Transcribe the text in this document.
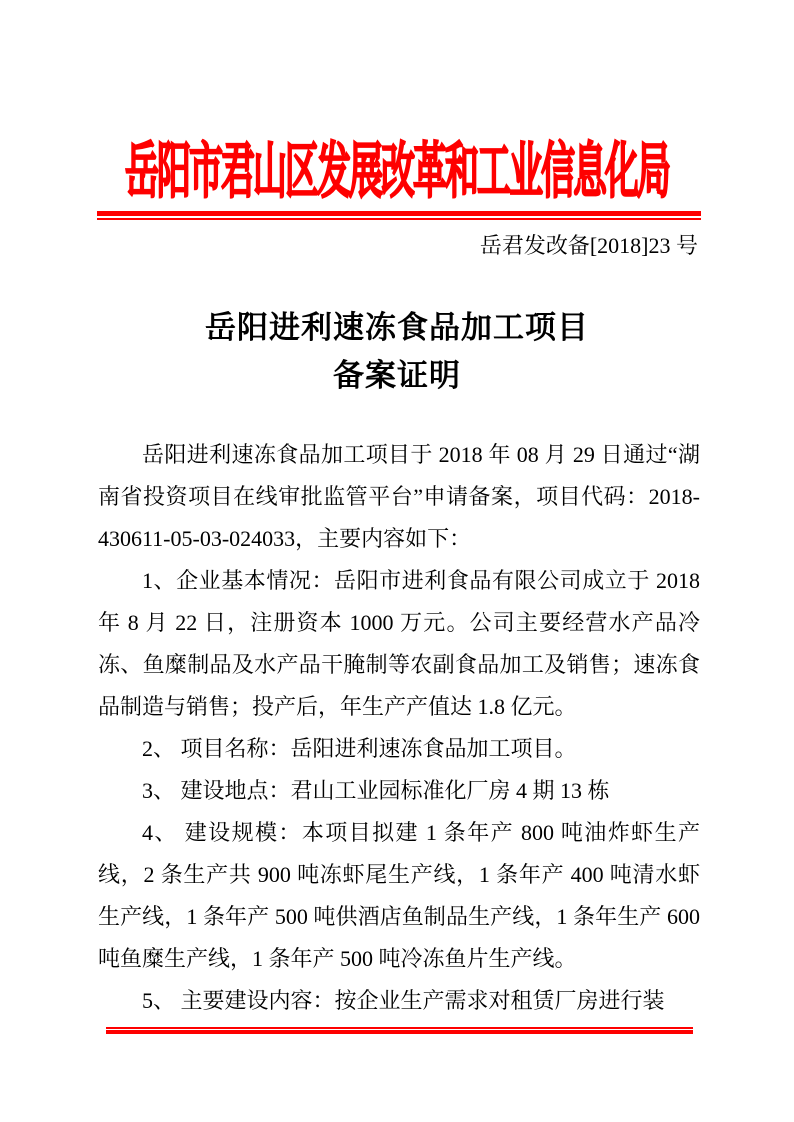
岳阳市君山区发展改革和工业信息化局
岳君发改备[2018]23 号
岳阳进利速冻食品加工项目
备案证明

岳阳进利速冻食品加工项目于 2018 年 08 月 29 日通过“湖南省投资项目在线审批监管平台”申请备案，项目代码：2018-430611-05-03-024033，主要内容如下：

1、企业基本情况：岳阳市进利食品有限公司成立于 2018 年 8 月 22 日，注册资本 1000 万元。公司主要经营水产品冷冻、鱼糜制品及水产品干腌制等农副食品加工及销售；速冻食品制造与销售；投产后，年生产产值达 1.8 亿元。

2、 项目名称：岳阳进利速冻食品加工项目。

3、 建设地点：君山工业园标准化厂房 4 期 13 栋

4、 建设规模：本项目拟建 1 条年产 800 吨油炸虾生产线，2 条生产共 900 吨冻虾尾生产线，1 条年产 400 吨清水虾生产线，1 条年产 500 吨供酒店鱼制品生产线，1 条年生产 600 吨鱼糜生产线，1 条年产 500 吨冷冻鱼片生产线。

5、 主要建设内容：按企业生产需求对租赁厂房进行装
